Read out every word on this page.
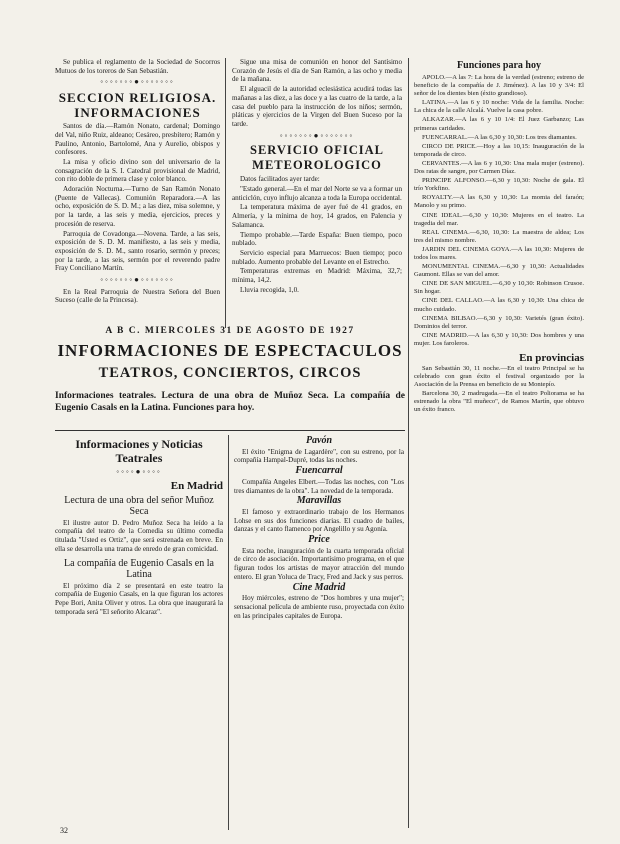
Se publica el reglamento de la Sociedad de Socorros Mutuos de los toreros de San Sebastián.

◦◦◦◦◦◦◦●◦◦◦◦◦◦◦
SECCION RELIGIOSA. INFORMACIONES

Santos de día.—Ramón Nonato, cardenal; Domingo del Val, niño Ruiz, aldeano; Cesáreo, presbítero; Ramón y Paulino, Antonio, Bartolomé, Ana y Aurelio, obispos y confesores.

La misa y oficio divino son del universario de la consagración de la S. I. Catedral provisional de Madrid, con rito doble de primera clase y color blanco.

Adoración Nocturna.—Turno de San Ramón Nonato (Puente de Vallecas). Comunión Reparadora.—A las ocho, exposición de S. D. M.; a las diez, misa solemne, y por la tarde, a las seis y media, ejercicios, preces y procesión de reserva.

Parroquia de Covadonga.—Novena. Tarde, a las seis, exposición de S. D. M. manifiesto, a las seis y media, exposición de S. D. M., santo rosario, sermón y preces; por la tarde, a las seis, sermón por el reverendo padre Fray Conciliano Martín.

◦◦◦◦◦◦◦●◦◦◦◦◦◦◦

En la Real Parroquia de Nuestra Señora del Buen Suceso (calle de la Princesa).

Sigue una misa de comunión en honor del Santísimo Corazón de Jesús el día de San Ramón, a las ocho y media de la mañana.

El alguacil de la autoridad eclesiástica acudirá todas las mañanas a las diez, a las doce y a las cuatro de la tarde, a la casa del pueblo para la instrucción de los niños; sermón, pláticas y ejercicios de la Virgen del Buen Suceso por la tarde.

◦◦◦◦◦◦◦●◦◦◦◦◦◦◦
SERVICIO OFICIAL METEOROLOGICO

Datos facilitados ayer tarde:

"Estado general.—En el mar del Norte se va a formar un anticiclón, cuyo influjo alcanza a toda la Europa occidental.

La temperatura máxima de ayer fué de 41 grados, en Almería, y la mínima de hoy, 14 grados, en Palencia y Salamanca.

Tiempo probable.—Tarde España: Buen tiempo, poco nublado.

Servicio especial para Marruecos: Buen tiempo; poco nublado. Aumento probable del Levante en el Estrecho.

Temperaturas extremas en Madrid: Máxima, 32,7; mínima, 14,2.

Lluvia recogida, 1,0.

A B C. MIERCOLES 31 DE AGOSTO DE 1927
INFORMACIONES DE ESPECTACULOS
TEATROS, CONCIERTOS, CIRCOS
Informaciones teatrales. Lectura de una obra de Muñoz Seca. La compañía de Eugenio Casals en la Latina. Funciones para hoy.
Informaciones y Noticias Teatrales
◦◦◦◦●◦◦◦◦
En Madrid
Lectura de una obra del señor Muñoz Seca

El ilustre autor D. Pedro Muñoz Seca ha leído a la compañía del teatro de la Comedia su último comedia titulada "Usted es Ortiz", que será estrenada en breve. En ella se desarrolla una trama de enredo de gran comicidad.

La compañía de Eugenio Casals en la Latina

El próximo día 2 se presentará en este teatro la compañía de Eugenio Casals, en la que figuran los actores Pepe Bori, Anita Oliver y otros. La obra que inaugurará la temporada será "El señorito Alcaraz".

32
Pavón

El éxito "Enigma de Lagardère", con su estreno, por la compañía Hampal-Dupré, todas las noches.

Fuencarral

Compañía Angeles Elbert.—Todas las noches, con "Los tres diamantes de la obra". La novedad de la temporada.

Maravillas

El famoso y extraordinario trabajo de los Hermanos Lohse en sus dos funciones diarias. El cuadro de bailes, danzas y el canto flamenco por Angelillo y su Agonía.

Price

Esta noche, inauguración de la cuarta temporada oficial de circo de asociación. Importantísimo programa, en el que figuran todos los artistas de mayor atracción del mundo entero. El gran Yoluca de Tracy, Fred and Jack y sus perros.

Cine Madrid

Hoy miércoles, estreno de "Dos hombres y una mujer"; sensacional película de ambiente ruso, proyectada con éxito en las principales capitales de Europa.

Funciones para hoy

APOLO.—A las 7: La hora de la verdad (estreno; estreno de beneficio de la compañía de J. Jiménez). A las 10 y 3/4: El señor de los dientes bien (éxito grandioso).

LATINA.—A las 6 y 10 noche: Vida de la familia. Noche: La chica de la calle Alcalá. Vuelve la casa pobre.

ALKAZAR.—A las 6 y 10 1/4: El Juez Garbanzo; Las primeras caridades.

FUENCARRAL.—A las 6,30 y 10,30: Los tres diamantes.

CIRCO DE PRICE.—Hoy a las 10,15: Inauguración de la temporada de circo.

CERVANTES.—A las 6 y 10,30: Una mala mujer (estreno). Dos ratas de sangre, por Carmen Díaz.

PRINCIPE ALFONSO.—6,30 y 10,30: Noche de gala. El trío Yorkfino.

ROYALTY.—A las 6,30 y 10,30: La momia del faraón; Manolo y su primo.

CINE IDEAL.—6,30 y 10,30: Mujeres en el teatro. La tragedia del mar.

REAL CINEMA.—6,30, 10,30: La maestra de aldea; Los tres del mismo nombre.

JARDIN DEL CINEMA GOYA.—A las 10,30: Mujeres de todos los mares.

MONUMENTAL CINEMA.—6,30 y 10,30: Actualidades Gaumont. Ellas se van del amor.

CINE DE SAN MIGUEL.—6,30 y 10,30: Robinson Crusoe. Sin hogar.

CINE DEL CALLAO.—A las 6,30 y 10,30: Una chica de mucho cuidado.

CINEMA BILBAO.—6,30 y 10,30: Varietés (gran éxito). Dominios del terror.

CINE MADRID.—A las 6,30 y 10,30: Dos hombres y una mujer. Los faroleros.

En provincias

San Sebastián 30, 11 noche.—En el teatro Principal se ha celebrado con gran éxito el festival organizado por la Asociación de la Prensa en beneficio de su Montepío.

Barcelona 30, 2 madrugada.—En el teatro Poliorama se ha estrenado la obra "El muñeco", de Ramos Martín, que obtuvo un éxito franco.
